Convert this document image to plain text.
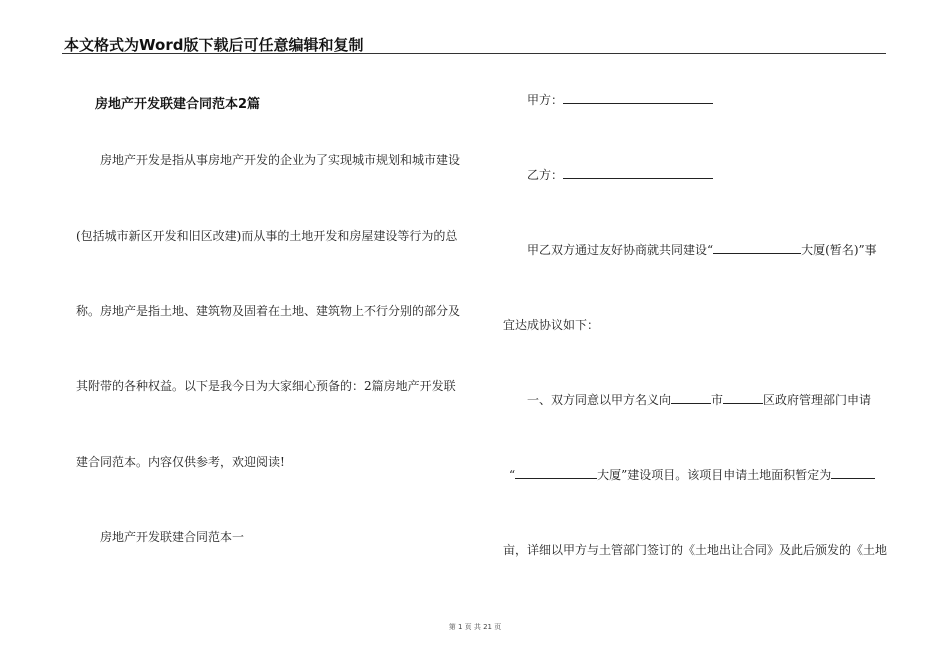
本文格式为Word版下载后可任意编辑和复制
房地产开发联建合同范本2篇
房地产开发是指从事房地产开发的企业为了实现城市规划和城市建设
(包括城市新区开发和旧区改建)而从事的土地开发和房屋建设等行为的总
称。房地产是指土地、建筑物及固着在土地、建筑物上不行分别的部分及
其附带的各种权益。以下是我今日为大家细心预备的：2篇房地产开发联
建合同范本。内容仅供参考，欢迎阅读!
房地产开发联建合同范本一
甲方：
乙方：
甲乙双方通过友好协商就共同建设“	大厦(暂名)”事
宜达成协议如下：
一、双方同意以甲方名义向	市	区政府管理部门申请
“	大厦”建设项目。该项目申请土地面积暂定为
亩，详细以甲方与土管部门签订的《土地出让合同》及此后颁发的《土地
第 1 页 共 21 页
